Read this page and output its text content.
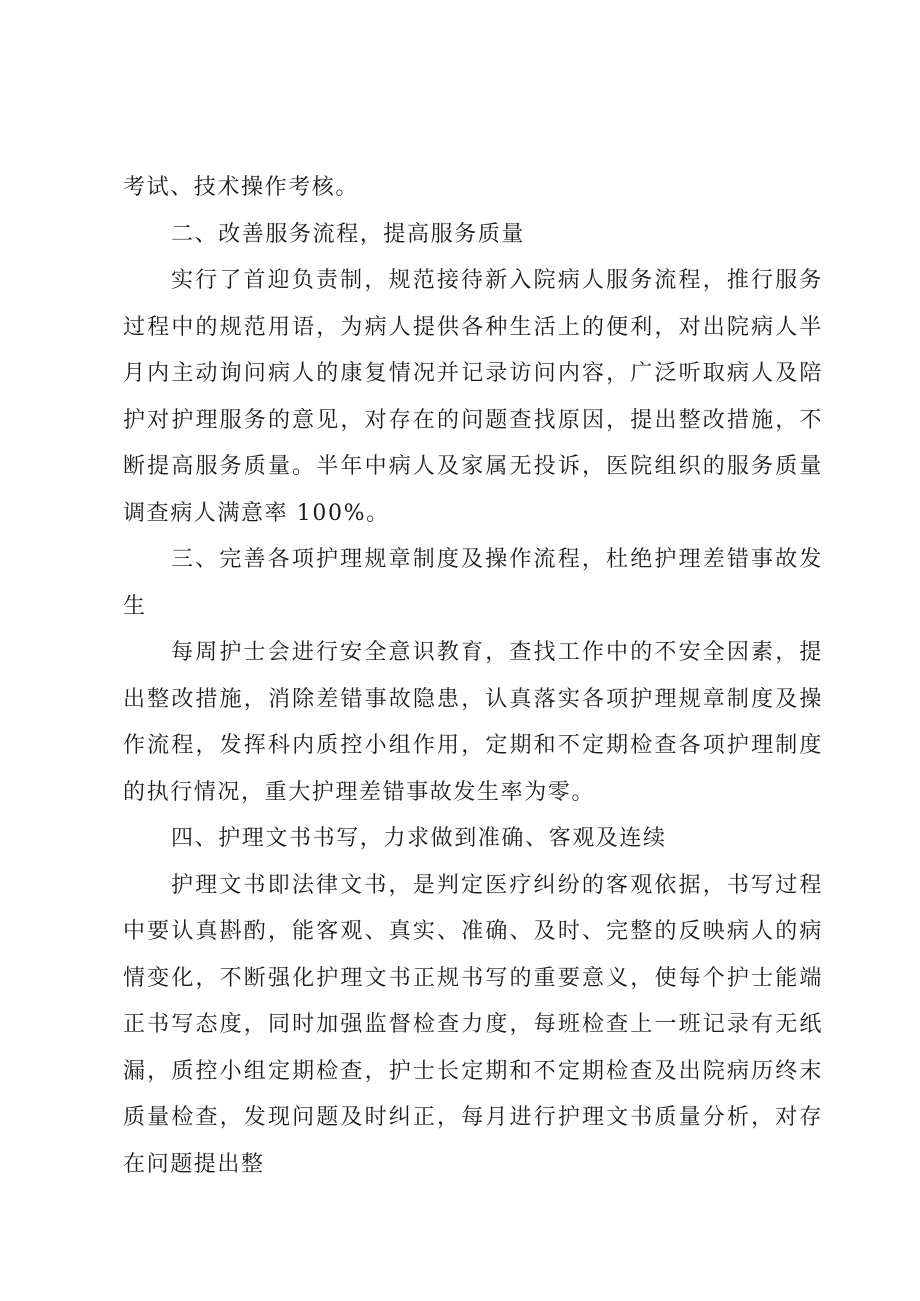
考试、技术操作考核。

二、改善服务流程，提高服务质量

实行了首迎负责制，规范接待新入院病人服务流程，推行服务过程中的规范用语，为病人提供各种生活上的便利，对出院病人半月内主动询问病人的康复情况并记录访问内容，广泛听取病人及陪护对护理服务的意见，对存在的问题查找原因，提出整改措施，不断提高服务质量。半年中病人及家属无投诉，医院组织的服务质量调查病人满意率 100%。

三、完善各项护理规章制度及操作流程，杜绝护理差错事故发生

每周护士会进行安全意识教育，查找工作中的不安全因素，提出整改措施，消除差错事故隐患，认真落实各项护理规章制度及操作流程，发挥科内质控小组作用，定期和不定期检查各项护理制度的执行情况，重大护理差错事故发生率为零。

四、护理文书书写，力求做到准确、客观及连续

护理文书即法律文书，是判定医疗纠纷的客观依据，书写过程中要认真斟酌，能客观、真实、准确、及时、完整的反映病人的病情变化，不断强化护理文书正规书写的重要意义，使每个护士能端正书写态度，同时加强监督检查力度，每班检查上一班记录有无纸漏，质控小组定期检查，护士长定期和不定期检查及出院病历终末质量检查，发现问题及时纠正，每月进行护理文书质量分析，对存在问题提出整
